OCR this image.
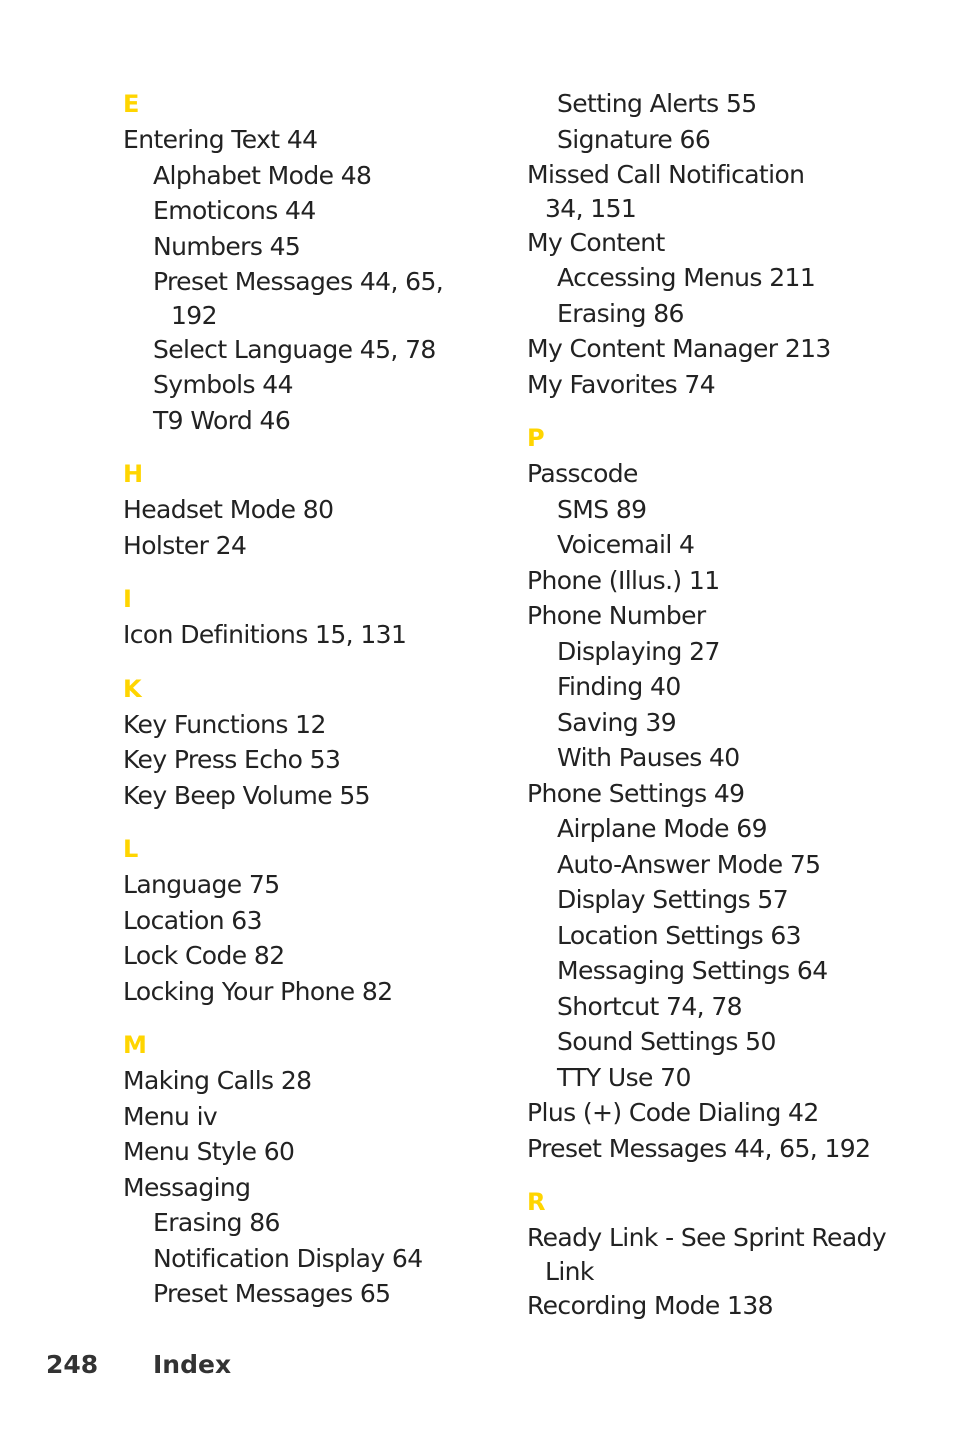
E
Entering Text 44
Alphabet Mode 48
Emoticons 44
Numbers 45
Preset Messages 44, 65,
192
Select Language 45, 78
Symbols 44
T9 Word 46
H
Headset Mode 80
Holster 24
I
Icon Definitions 15, 131
K
Key Functions 12
Key Press Echo 53
Key Beep Volume 55
L
Language 75
Location 63
Lock Code 82
Locking Your Phone 82
M
Making Calls 28
Menu iv
Menu Style 60
Messaging
Erasing 86
Notification Display 64
Preset Messages 65
Setting Alerts 55
Signature 66
Missed Call Notification
34, 151
My Content
Accessing Menus 211
Erasing 86
My Content Manager 213
My Favorites 74
P
Passcode
SMS 89
Voicemail 4
Phone (Illus.) 11
Phone Number
Displaying 27
Finding 40
Saving 39
With Pauses 40
Phone Settings 49
Airplane Mode 69
Auto-Answer Mode 75
Display Settings 57
Location Settings 63
Messaging Settings 64
Shortcut 74, 78
Sound Settings 50
TTY Use 70
Plus (+) Code Dialing 42
Preset Messages 44, 65, 192
R
Ready Link - See Sprint Ready
Link
Recording Mode 138
248 Index
